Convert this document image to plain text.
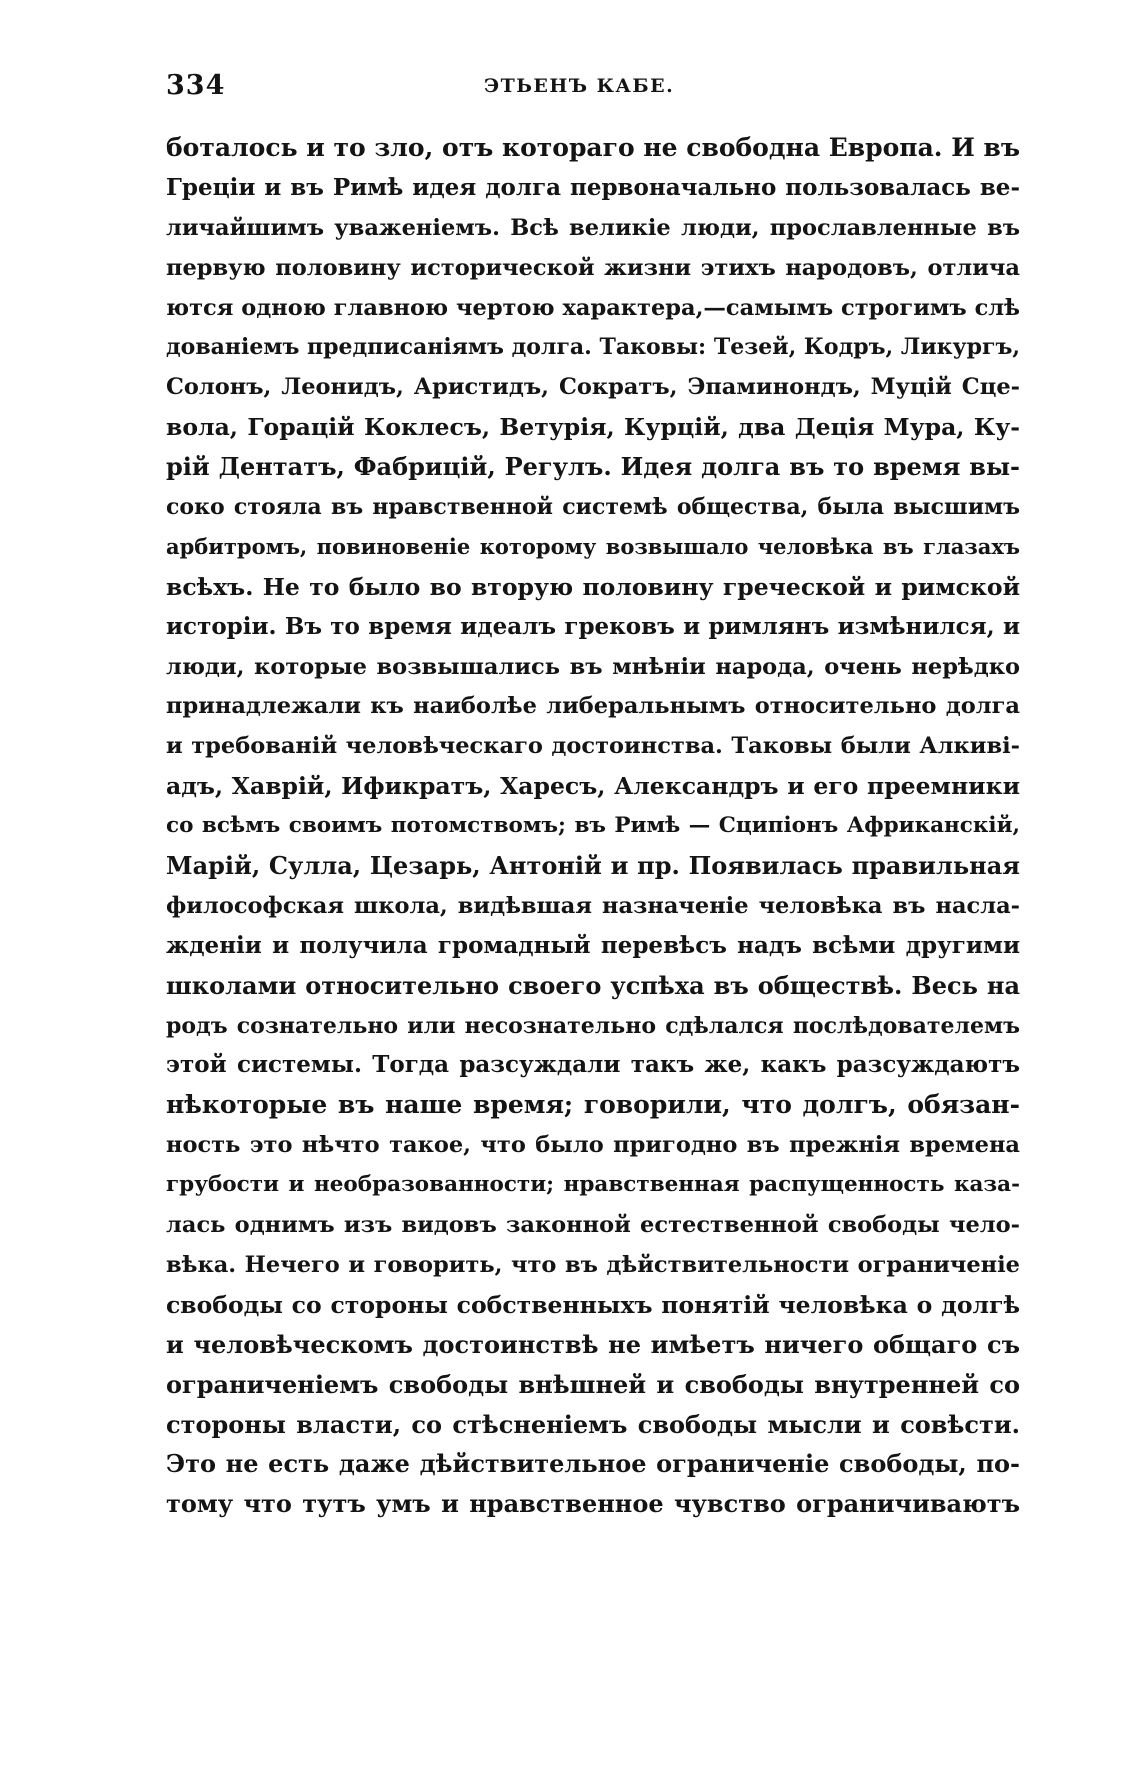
334	ЭТЬЕНЪ КАБЕ.
боталось и то зло, отъ котораго не свободна Европа. И въ
Греціи и въ Римѣ идея долга первоначально пользовалась ве-
личайшимъ уваженіемъ. Всѣ великіе люди, прославленные въ
первую половину исторической жизни этихъ народовъ, отлича
ются одною главною чертою характера,—самымъ строгимъ слѣ
дованіемъ предписаніямъ долга. Таковы: Тезей, Кодръ, Ликургъ,
Солонъ, Леонидъ, Аристидъ, Сократъ, Эпаминондъ, Муцій Сце-
вола, Горацій Коклесъ, Ветурія, Курцій, два Деція Мура, Ку-
рій Дентатъ, Фабрицій, Регулъ. Идея долга въ то время вы-
соко стояла въ нравственной системѣ общества, была высшимъ
арбитромъ, повиновеніе которому возвышало человѣка въ глазахъ
всѣхъ. Не то было во вторую половину греческой и римской
исторіи. Въ то время идеалъ грековъ и римлянъ измѣнился, и
люди, которые возвышались въ мнѣніи народа, очень нерѣдко
принадлежали къ наиболѣе либеральнымъ относительно долга
и требованій человѣческаго достоинства. Таковы были Алкиві-
адъ, Хаврій, Ификратъ, Харесъ, Александръ и его преемники
со всѣмъ своимъ потомствомъ; въ Римѣ — Сципіонъ Африканскій,
Марій, Сулла, Цезарь, Антоній и пр. Появилась правильная
философская школа, видѣвшая назначеніе человѣка въ насла-
жденіи и получила громадный перевѣсъ надъ всѣми другими
школами относительно своего успѣха въ обществѣ. Весь на
родъ сознательно или несознательно сдѣлался послѣдователемъ
этой системы. Тогда разсуждали такъ же, какъ разсуждаютъ
нѣкоторые въ наше время; говорили, что долгъ, обязан-
ность это нѣчто такое, что было пригодно въ прежнія времена
грубости и необразованности; нравственная распущенность каза-
лась однимъ изъ видовъ законной естественной свободы чело-
вѣка. Нечего и говорить, что въ дѣйствительности ограниченіе
свободы со стороны собственныхъ понятій человѣка о долгѣ
и человѣческомъ достоинствѣ не имѣетъ ничего общаго съ
ограниченіемъ свободы внѣшней и свободы внутренней со
стороны власти, со стѣсненіемъ свободы мысли и совѣсти.
Это не есть даже дѣйствительное ограниченіе свободы, по-
тому что тутъ умъ и нравственное чувство ограничиваютъ
